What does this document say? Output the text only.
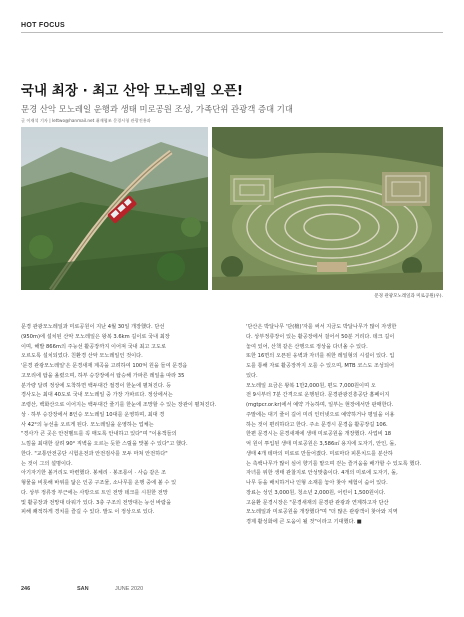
HOT FOCUS
국내 최장 · 최고 산악 모노레일 오픈!
문경 산악 모노레일 운행과 생태 미로공원 조성, 가족단위 관광객 증대 기대
글 이재석 기자 | lettwo@hanmail.net 취재협조 문경시청 관광진흥과
문경 관광모노레일과 미로공원(우).
문경 관광모노레일과 미로공원이 지난 4월 30일 개장했다. 단선
(950m)에 설치된 산악 모노레일은 왕복 3.6km 길이로 국내 최장
이며, 해발 866m의 주능선 활공장까지 이어져 국내 최고 고도로
오르도록 설치되었다. 친환경 산악 모노레일인 것이다.
'문경 관광모노레일'은 문경새재 계곡을 고려하여 100억 원을 들여 문경읍
고모리에 탑을 올렸으며, 하부 승강장에서 탑승해 가파른 레일을 따라 35
분가량 달려 정상에 도착하면 백두대간 절경이 한눈에 펼쳐진다. 등
경사도는 최대 40도로 국내 모노레일 중 가장 가파르다. 정상에서는
조령산, 백화산으로 이어지는 백두대간 줄기를 한눈에 조망할 수 있는 장관이 펼쳐진다.
상 · 하부 승강장에서 8인승 모노레일 10대를 운영하며, 최대 경
사 42°의 능선을 오르게 된다. 모노레일을 운영하는 업체는
"경사가 큰 곳은 안전벨트를 꼭 매도록 안내하고 있다"며 "이용객들의
느낌을 최대한 살려 90° 직벽을 오르는 듯한 스릴을 맛볼 수 있다"고 했다.
한다. "교통안전공단 시험운전과 안전검사를 모두 마쳐 안전하다"
는 것이 그의 설명이다.
아기자기한 볼거리도 마련했다. 봉체리 · 봉조롱이 · 사슴 같은 조
형물을 비롯해 바위를 닮은 인공 구조물, 소나무를 운행 중에 볼 수 있
다. 상부 정류장 부근에는 사방으로 트인 전망 데크를 시원한 전망
및 활공장과 전망대 타워가 있다. 3층 구조의 전망대는 능선 바람을
피해 쾌적하게 경치를 즐길 수 있다. 발도 이 정상으로 있다.
'단산은 박달나무 '단(檀)'자를 써서 지금도 박달나무가 많이 자생한
다. 상부정류장이 있는 활공장에서 걸어서 50분 거리다. 데크 길이
놓여 있어, 산책 같은 산행으로 정상을 다녀올 수 있다.
또한 16면의 오픈된 옹벽과 자녀를 위한 레일형의 시설이 있다. 입
도를 통해 자료 활공장까지 오를 수 있으며, MTB 코스도 조성되어
있다.
모노레일 요금은 왕복 1만2,000원, 편도 7,000원이며 오
전 9시부터 7분 간격으로 운행된다. 문경관광진흥공단 홈페이지
(mgtpcr.or.kr)에서 예약 가능하며, 일부는 현장에서만 판매한다.
주말에는 대기 줄이 길어 미리 인터넷으로 예약하거나 평일을 이용
하는 것이 편리하다고 한다. 주소 문경시 문경읍 활공장길 106.
한편 문경시는 문경새재에 생태 미로공원을 개장했다. 사업비 18
억 원이 투입된 생태 미로공원은 3,586㎡ 용지에 도자기, 안인, 돌,
생태 4개 테마의 미로로 만들어졌다. 미로마다 피톤치드를 분산하
는 측백나무가 많이 심어 향기를 맡으며 걷는 즐거움을 배가할 수 있도록 했다.
자녀를 위한 생태 관찰지로 안성맞춤이다. 4개의 미로에 도자기, 돌,
나무 등을 배치하거나 인형 소재를 놓아 찾아 체험이 숨어 있다.
장료는 성인 3,000원, 청소년 2,000원, 어린이 1,500원이다.
고윤환 문경시장은 "문경새재의 문경관 관광과 연계하고자 단산
모노레일과 미로공원을 개장했다"며 "더 많은 관광객이 찾아와 지역
경제 활성화에 큰 도움이 될 것"이라고 기대했다. ■
246	SAN	JUNE 2020
